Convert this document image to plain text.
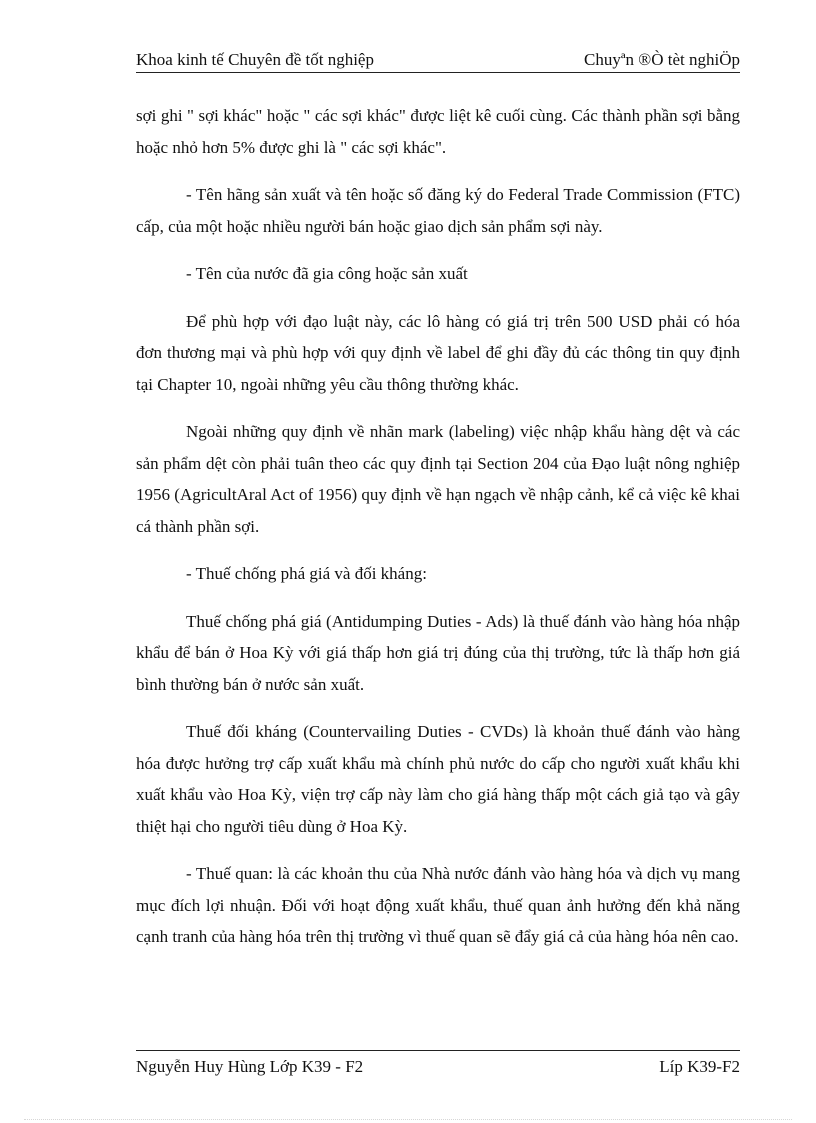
Khoa kinh tế Chuyên đề tốt nghiệp	Chuyªn ®Ò tèt nghiÖp

sợi ghi " sợi khác" hoặc " các sợi khác" được liệt kê cuối cùng. Các thành phần sợi bằng hoặc nhỏ hơn 5% được ghi là " các sợi khác".

- Tên hãng sản xuất và tên hoặc số đăng ký do Federal Trade Commission (FTC) cấp, của một hoặc nhiều người bán hoặc giao dịch sản phẩm sợi này.

- Tên của nước đã gia công hoặc sản xuất

Để phù hợp với đạo luật này, các lô hàng có giá trị trên 500 USD phải có hóa đơn thương mại và phù hợp với quy định về label để ghi đầy đủ các thông tin quy định tại Chapter 10, ngoài những yêu cầu thông thường khác.

Ngoài những quy định về nhãn mark (labeling) việc nhập khẩu hàng dệt và các sản phẩm dệt còn phải tuân theo các quy định tại Section 204 của Đạo luật nông nghiệp 1956 (AgricultAral Act of 1956) quy định về hạn ngạch về nhập cảnh, kể cả việc kê khai cá thành phần sợi.

- Thuế chống phá giá và đối kháng:

Thuế chống phá giá (Antidumping Duties - Ads) là thuế đánh vào hàng hóa nhập khẩu để bán ở Hoa Kỳ với giá thấp hơn giá trị đúng của thị trường, tức là thấp hơn giá bình thường bán ở nước sản xuất.

Thuế đối kháng (Countervailing Duties - CVDs) là khoản thuế đánh vào hàng hóa được hưởng trợ cấp xuất khẩu mà chính phủ nước do cấp cho người xuất khẩu khi xuất khẩu vào Hoa Kỳ, viện trợ cấp này làm cho giá hàng thấp một cách giả tạo và gây thiệt hại cho người tiêu dùng ở Hoa Kỳ.

- Thuế quan: là các khoản thu của Nhà nước đánh vào hàng hóa và dịch vụ mang mục đích lợi nhuận. Đối với hoạt động xuất khẩu, thuế quan ảnh hưởng đến khả năng cạnh tranh của hàng hóa trên thị trường vì thuế quan sẽ đẩy giá cả của hàng hóa nên cao.

Nguyễn Huy Hùng Lớp K39 - F2	Líp K39-F2
